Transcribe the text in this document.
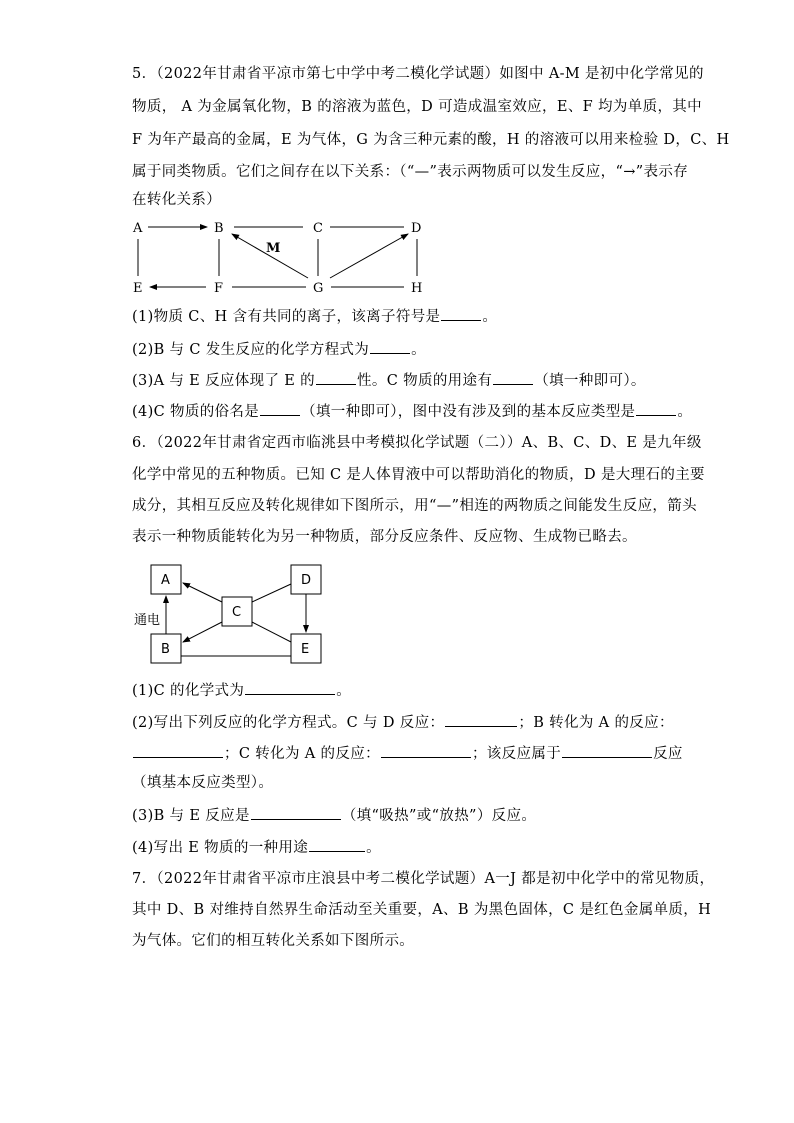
5．（2022年甘肃省平凉市第七中学中考二模化学试题）如图中 A-M 是初中化学常见的
物质， A 为金属氧化物，B 的溶液为蓝色，D 可造成温室效应，E、F 均为单质，其中
F 为年产最高的金属，E 为气体，G 为含三种元素的酸，H 的溶液可以用来检验 D，C、H
属于同类物质。它们之间存在以下关系：（“—”表示两物质可以发生反应，“→”表示存
在转化关系）
A	B	C	D
E	F	G	H
M
(1)物质 C、H 含有共同的离子，该离子符号是	。
(2)B 与 C 发生反应的化学方程式为	。
(3)A 与 E 反应体现了 E 的	性。C 物质的用途有	（填一种即可）。
(4)C 物质的俗名是	（填一种即可），图中没有涉及到的基本反应类型是	。
6．（2022年甘肃省定西市临洮县中考模拟化学试题（二））A、B、C、D、E 是九年级
化学中常见的五种物质。已知 C 是人体胃液中可以帮助消化的物质，D 是大理石的主要
成分，其相互反应及转化规律如下图所示，用“—”相连的两物质之间能发生反应，箭头
表示一种物质能转化为另一种物质，部分反应条件、反应物、生成物已略去。
A
B
C
D
E
通电
(1)C 的化学式为	。
(2)写出下列反应的化学方程式。C 与 D 反应：	；B 转化为 A 的反应：
；C 转化为 A 的反应：	；该反应属于	反应
（填基本反应类型）。
(3)B 与 E 反应是	（填“吸热”或“放热”）反应。
(4)写出 E 物质的一种用途	。
7．（2022年甘肃省平凉市庄浪县中考二模化学试题）A一J 都是初中化学中的常见物质，
其中 D、B 对维持自然界生命活动至关重要，A、B 为黑色固体，C 是红色金属单质，H
为气体。它们的相互转化关系如下图所示。
